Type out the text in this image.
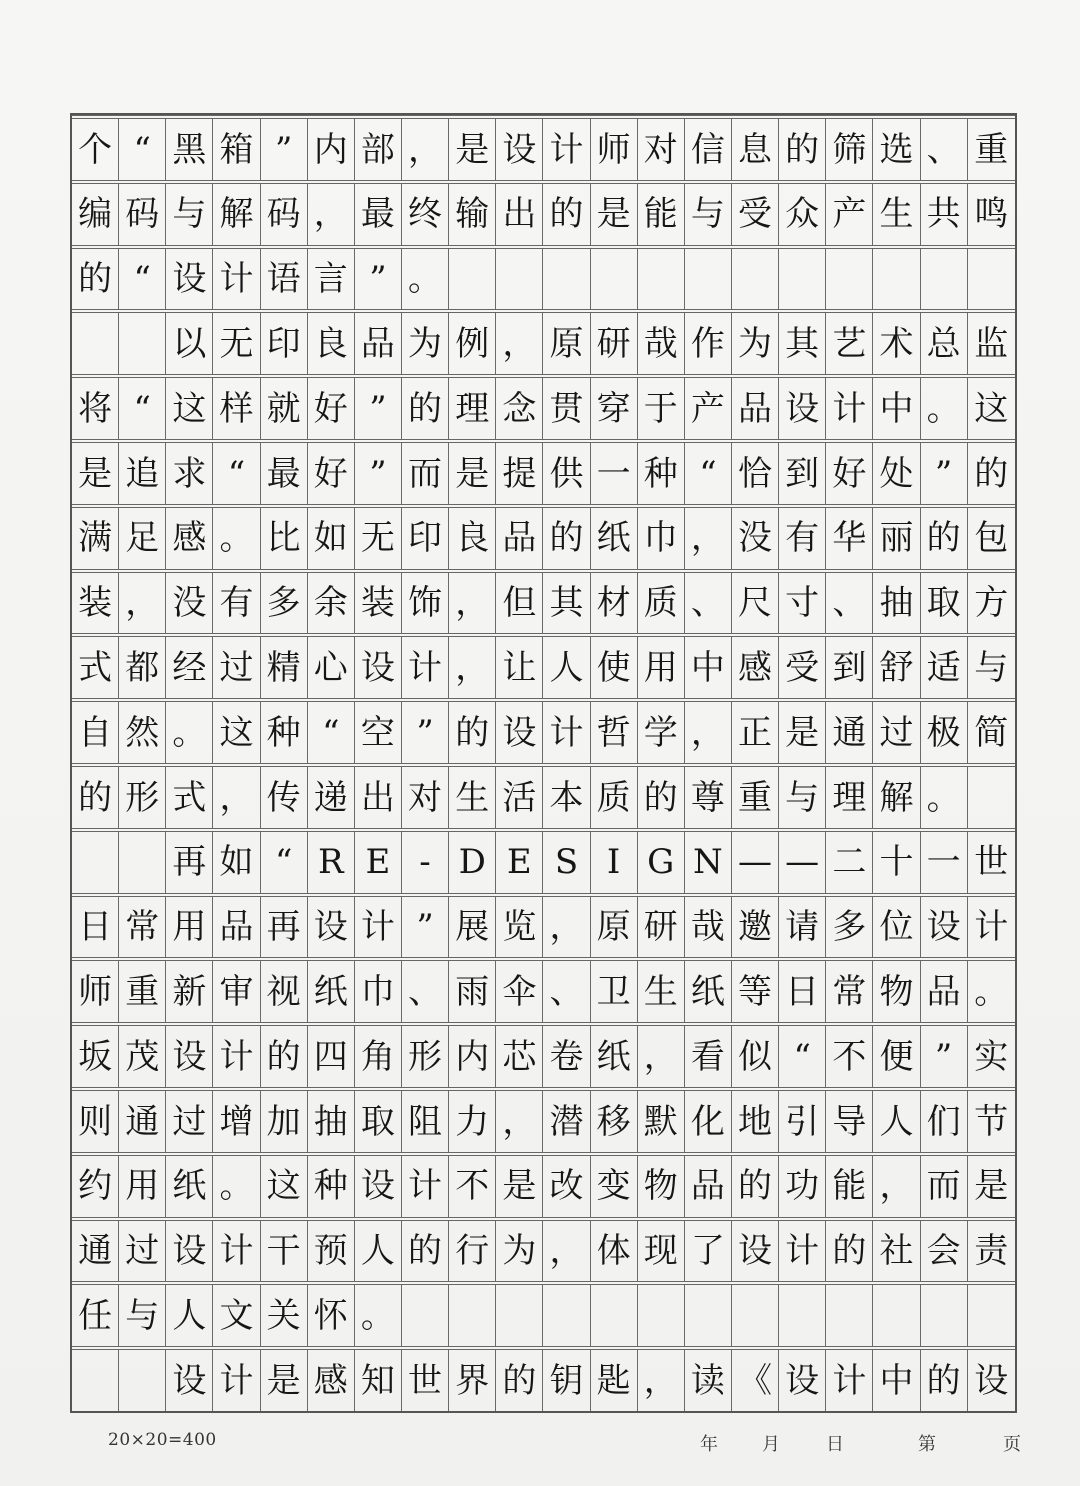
个 “ 黑 箱 ” 内 部 ， 是 设 计 师 对 信 息 的 筛 选 、 重
编 码 与 解 码 ， 最 终 输 出 的 是 能 与 受 众 产 生 共 鸣
的 “ 设 计 语 言 ” 。
以 无 印 良 品 为 例 ， 原 研 哉 作 为 其 艺 术 总 监
将 “ 这 样 就 好 ” 的 理 念 贯 穿 于 产 品 设 计 中 。 这
是 追 求 “ 最 好 ” 而 是 提 供 一 种 “ 恰 到 好 处 ” 的
满 足 感 。 比 如 无 印 良 品 的 纸 巾 ， 没 有 华 丽 的 包
装 ， 没 有 多 余 装 饰 ， 但 其 材 质 、 尺 寸 、 抽 取 方
式 都 经 过 精 心 设 计 ， 让 人 使 用 中 感 受 到 舒 适 与
自 然 。 这 种 “ 空 ” 的 设 计 哲 学 ， 正 是 通 过 极 简
的 形 式 ， 传 递 出 对 生 活 本 质 的 尊 重 与 理 解 。
再 如 “ R E - D E S I G N — — 二 十 一 世
日 常 用 品 再 设 计 ” 展 览 ， 原 研 哉 邀 请 多 位 设 计
师 重 新 审 视 纸 巾 、 雨 伞 、 卫 生 纸 等 日 常 物 品 。
坂 茂 设 计 的 四 角 形 内 芯 卷 纸 ， 看 似 “ 不 便 ” 实
则 通 过 增 加 抽 取 阻 力 ， 潜 移 默 化 地 引 导 人 们 节
约 用 纸 。 这 种 设 计 不 是 改 变 物 品 的 功 能 ， 而 是
通 过 设 计 干 预 人 的 行 为 ， 体 现 了 设 计 的 社 会 责
任 与 人 文 关 怀 。
设 计 是 感 知 世 界 的 钥 匙 ， 读 《 设 计 中 的 设
20×20=400	年 月	日	第	页
